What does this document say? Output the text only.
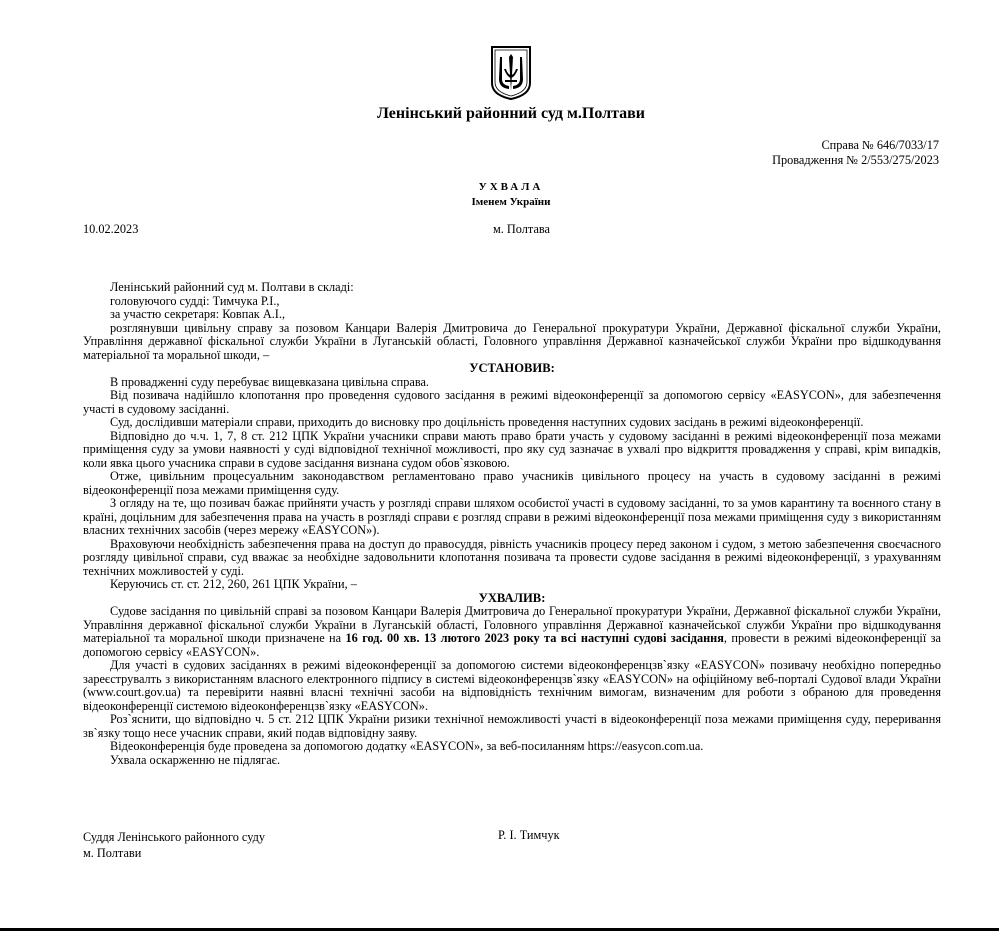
Ленінський районний суд м.Полтави
Справа № 646/7033/17
Провадження № 2/553/275/2023
УХВАЛА
Іменем України
10.02.2023	м. Полтава
Ленінський районний суд м. Полтави в складі:
головуючого судді: Тимчука Р.І.,
за участю секретаря: Ковпак А.І.,
розглянувши цивільну справу за позовом Канцари Валерія Дмитровича до Генеральної прокуратури України, Державної фіскальної служби України, Управління державної фіскальної служби України в Луганській області, Головного управління Державної казначейської служби України про відшкодування матеріальної та моральної шкоди, –
УСТАНОВИВ:
В провадженні суду перебуває вищевказана цивільна справа.
Від позивача надійшло клопотання про проведення судового засідання в режимі відеоконференції за допомогою сервісу «EASYCON», для забезпечення участі в судовому засіданні.
Суд, дослідивши матеріали справи, приходить до висновку про доцільність проведення наступних судових засідань в режимі відеоконференції.
Відповідно до ч.ч. 1, 7, 8 ст. 212 ЦПК України учасники справи мають право брати участь у судовому засіданні в режимі відеоконференції поза межами приміщення суду за умови наявності у суді відповідної технічної можливості, про яку суд зазначає в ухвалі про відкриття провадження у справі, крім випадків, коли явка цього учасника справи в судове засідання визнана судом обов`язковою.
Отже, цивільним процесуальним законодавством регламентовано право учасників цивільного процесу на участь в судовому засіданні в режимі відеоконференції поза межами приміщення суду.
З огляду на те, що позивач бажає прийняти участь у розгляді справи шляхом особистої участі в судовому засіданні, то за умов карантину та воєнного стану в країні, доцільним для забезпечення права на участь в розгляді справи є розгляд справи в режимі відеоконференції поза межами приміщення суду з використанням власних технічних засобів (через мережу «EASYCON»).
Враховуючи необхідність забезпечення права на доступ до правосуддя, рівність учасників процесу перед законом і судом, з метою забезпечення своєчасного розгляду цивільної справи, суд вважає за необхідне задовольнити клопотання позивача та провести судове засідання в режимі відеоконференції, з урахуванням технічних можливостей у суді.
Керуючись ст. ст. 212, 260, 261 ЦПК України, –
УХВАЛИВ:
Судове засідання по цивільній справі за позовом Канцари Валерія Дмитровича до Генеральної прокуратури України, Державної фіскальної служби України, Управління державної фіскальної служби України в Луганській області, Головного управління Державної казначейської служби України про відшкодування матеріальної та моральної шкоди призначене на 16 год. 00 хв. 13 лютого 2023 року та всі наступні судові засідання, провести в режимі відеоконференції за допомогою сервісу «EASYCON».
Для участі в судових засіданнях в режимі відеоконференції за допомогою системи відеоконференцзв`язку «EASYCON» позивачу необхідно попередньо зареєструвалть з використанням власного електронного підпису в системі відеоконференцзв`язку «EASYCON» на офіційному веб-порталі Судової влади України (www.court.gov.ua) та перевірити наявні власні технічні засоби на відповідність технічним вимогам, визначеним для роботи з обраною для проведення відеоконференції системою відеоконференцзв`язку «EASYCON».
Роз`яснити, що відповідно ч. 5 ст. 212 ЦПК України ризики технічної неможливості участі в відеоконференції поза межами приміщення суду, переривання зв`язку тощо несе учасник справи, який подав відповідну заяву.
Відеоконференція буде проведена за допомогою додатку «EASYCON», за веб-посиланням https://easycon.com.ua.
Ухвала оскарженню не підлягає.
Суддя Ленінського районного суду
м. Полтави
Р. І. Тимчук
